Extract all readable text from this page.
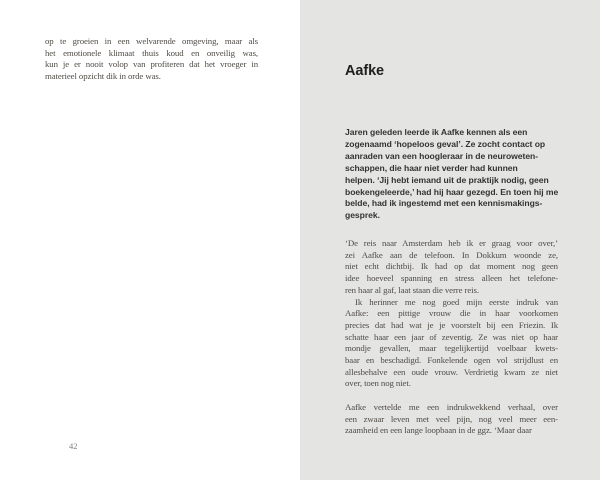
op te groeien in een welvarende omgeving, maar als
het emotionele klimaat thuis koud en onveilig was,
kun je er nooit volop van profiteren dat het vroeger in
materieel opzicht dik in orde was.
42
Aafke
Jaren geleden leerde ik Aafke kennen als een
zogenaamd ‘hopeloos geval’. Ze zocht contact op
aanraden van een hoogleraar in de neuroweten-
schappen, die haar niet verder had kunnen
helpen. ‘Jij hebt iemand uit de praktijk nodig, geen
boekengeleerde,’ had hij haar gezegd. En toen hij me
belde, had ik ingestemd met een kennismakings-
gesprek.
‘De reis naar Amsterdam heb ik er graag voor over,’
zei Aafke aan de telefoon. In Dokkum woonde ze,
niet echt dichtbij. Ik had op dat moment nog geen
idee hoeveel spanning en stress alleen het telefone-
ren haar al gaf, laat staan die verre reis.
Ik herinner me nog goed mijn eerste indruk van
Aafke: een pittige vrouw die in haar voorkomen
precies dat had wat je je voorstelt bij een Friezin. Ik
schatte haar een jaar of zeventig. Ze was niet op haar
mondje gevallen, maar tegelijkertijd voelbaar kwets-
baar en beschadigd. Fonkelende ogen vol strijdlust en
allesbehalve een oude vrouw. Verdrietig kwam ze niet
over, toen nog niet.
Aafke vertelde me een indrukwekkend verhaal, over
een zwaar leven met veel pijn, nog veel meer een-
zaamheid en een lange loopbaan in de ggz. ‘Maar daar
